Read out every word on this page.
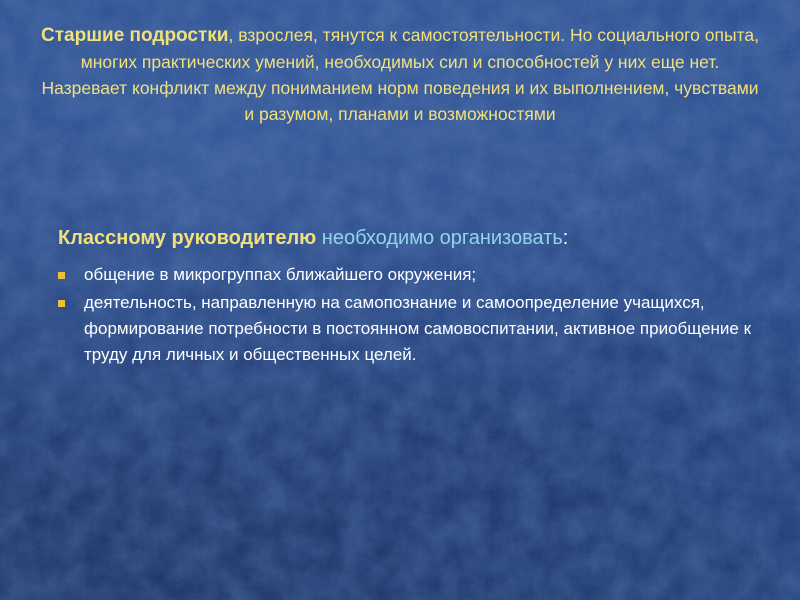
Старшие подростки, взрослея, тянутся к самостоятельности. Но социального опыта, многих практических умений, необходимых сил и способностей у них еще нет. Назревает конфликт между пониманием норм поведения и их выполнением, чувствами и разумом, планами и возможностями
Классному руководителю необходимо организовать:
общение в микрогруппах ближайшего окружения;
деятельность, направленную на самопознание и самоопределение учащихся, формирование потребности в постоянном самовоспитании, активное приобщение к труду для личных и общественных целей.
